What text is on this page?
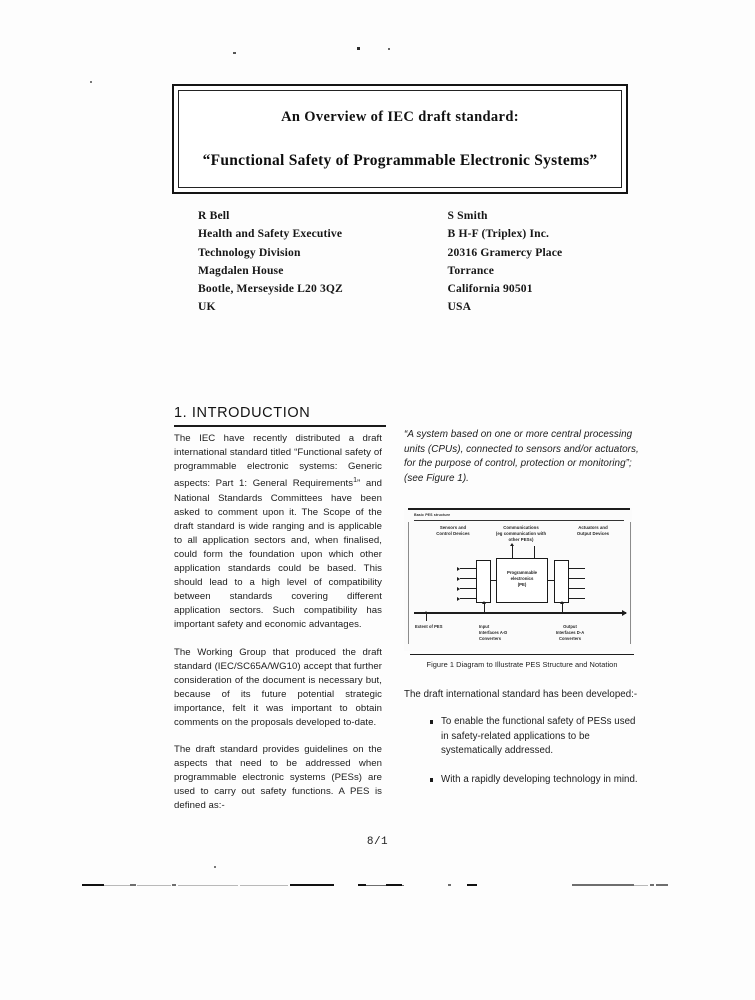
An Overview of IEC draft standard:
“Functional Safety of Programmable Electronic Systems”
R Bell
Health and Safety Executive
Technology Division
Magdalen House
Bootle, Merseyside L20 3QZ
UK
S Smith
B H-F (Triplex) Inc.
20316 Gramercy Place
Torrance
California 90501
USA
1. INTRODUCTION

The IEC have recently distributed a draft international standard titled “Functional safety of programmable electronic systems: Generic aspects: Part 1: General Requirements$^1$” and National Standards Committees have been asked to comment upon it. The Scope of the draft standard is wide ranging and is applicable to all application sectors and, when finalised, could form the foundation upon which other application standards could be based. This should lead to a high level of compatibility between standards covering different application sectors. Such compatibility has important safety and economic advantages.

The Working Group that produced the draft standard (IEC/SC65A/WG10) accept that further consideration of the document is necessary but, because of its future potential strategic importance, felt it was important to obtain comments on the proposals developed to-date.

The draft standard provides guidelines on the aspects that need to be addressed when programmable electronic systems (PESs) are used to carry out safety functions. A PES is defined as:-

“A system based on one or more central processing units (CPUs), connected to sensors and/or actuators, for the purpose of control, protection or monitoring”; (see Figure 1).

Basic PES structure
Sensors and
Control Devices
Communications
(eg communication with
other PESs)
Actuators and
Output Devices
Programmable
electronics
(PE)
Extent of PES	Input
Interfaces A-D
Converters
Output
Interfaces D-A
Converters
Figure 1 Diagram to Illustrate PES Structure and Notation

The draft international standard has been developed:-

To enable the functional safety of PESs used in safety-related applications to be systematically addressed.
With a rapidly developing technology in mind.
8/1
